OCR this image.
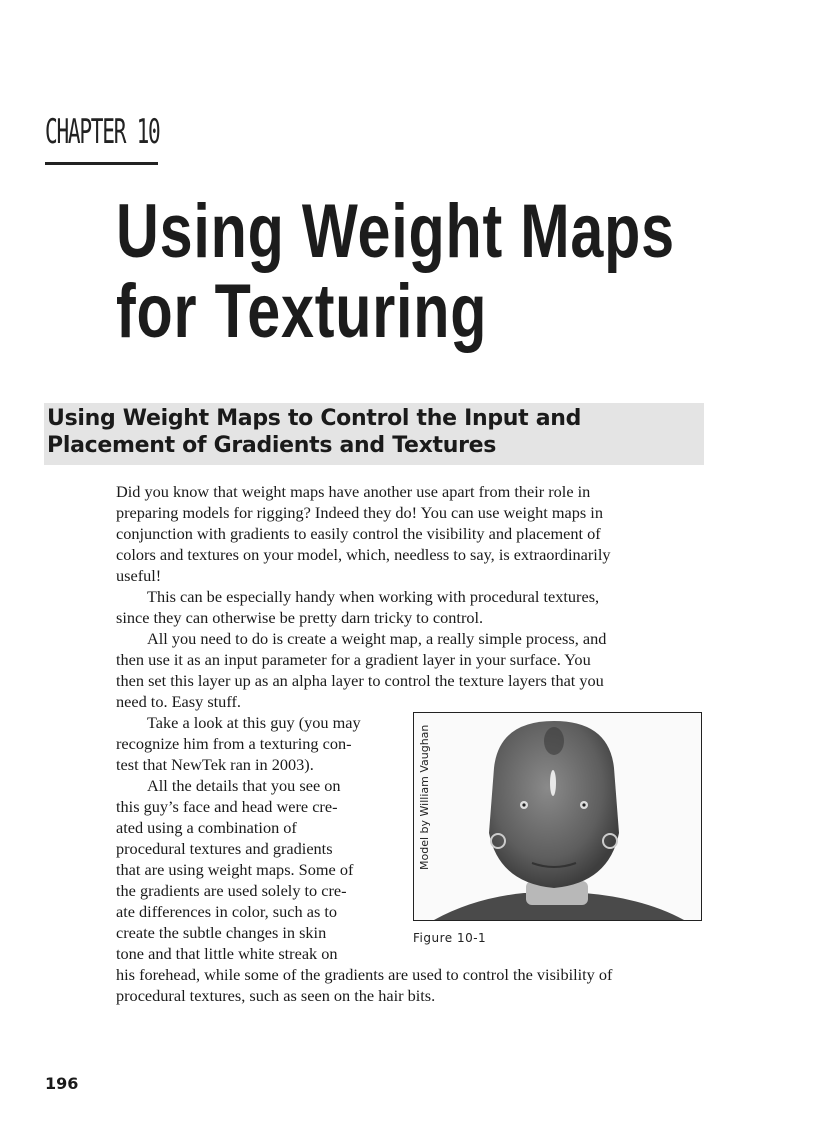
CHAPTER 10
Using Weight Maps
for Texturing
Using Weight Maps to Control the Input and
Placement of Gradients and Textures
Did you know that weight maps have another use apart from their role in
preparing models for rigging? Indeed they do! You can use weight maps in
conjunction with gradients to easily control the visibility and placement of
colors and textures on your model, which, needless to say, is extraordinarily
useful!
This can be especially handy when working with procedural textures,
since they can otherwise be pretty darn tricky to control.
All you need to do is create a weight map, a really simple process, and
then use it as an input parameter for a gradient layer in your surface. You
then set this layer up as an alpha layer to control the texture layers that you
need to. Easy stuff.
Take a look at this guy (you may
recognize him from a texturing con-
test that NewTek ran in 2003).
All the details that you see on
this guy’s face and head were cre-
ated using a combination of
procedural textures and gradients
that are using weight maps. Some of
the gradients are used solely to cre-
ate differences in color, such as to
create the subtle changes in skin
tone and that little white streak on
his forehead, while some of the gradients are used to control the visibility of
procedural textures, such as seen on the hair bits.
Model by William Vaughan
Figure 10-1
196
